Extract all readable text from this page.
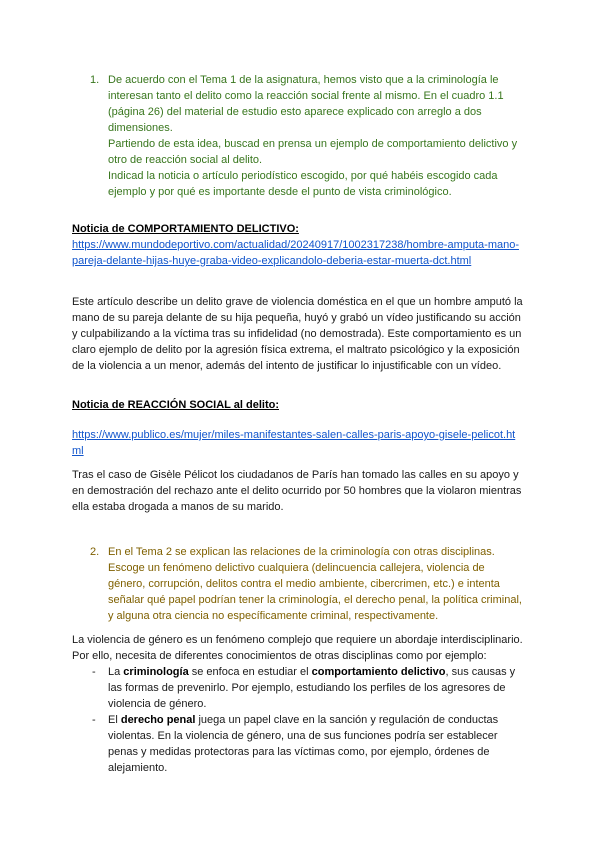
1. De acuerdo con el Tema 1 de la asignatura, hemos visto que a la criminología le

interesan tanto el delito como la reacción social frente al mismo. En el cuadro 1.1

(página 26) del material de estudio esto aparece explicado con arreglo a dos

dimensiones.

Partiendo de esta idea, buscad en prensa un ejemplo de comportamiento delictivo y

otro de reacción social al delito.

Indicad la noticia o artículo periodístico escogido, por qué habéis escogido cada

ejemplo y por qué es importante desde el punto de vista criminológico.

Noticia de COMPORTAMIENTO DELICTIVO:

https://www.mundodeportivo.com/actualidad/20240917/1002317238/hombre-amputa-mano-

pareja-delante-hijas-huye-graba-video-explicandolo-deberia-estar-muerta-dct.html

Este artículo describe un delito grave de violencia doméstica en el que un hombre amputó la

mano de su pareja delante de su hija pequeña, huyó y grabó un vídeo justificando su acción

y culpabilizando a la víctima tras su infidelidad (no demostrada). Este comportamiento es un

claro ejemplo de delito por la agresión física extrema, el maltrato psicológico y la exposición

de la violencia a un menor, además del intento de justificar lo injustificable con un vídeo.

Noticia de REACCIÓN SOCIAL al delito:

https://www.publico.es/mujer/miles-manifestantes-salen-calles-paris-apoyo-gisele-pelicot.ht

ml

Tras el caso de Gisèle Pélicot los ciudadanos de París han tomado las calles en su apoyo y

en demostración del rechazo ante el delito ocurrido por 50 hombres que la violaron mientras

ella estaba drogada a manos de su marido.

2. En el Tema 2 se explican las relaciones de la criminología con otras disciplinas.

Escoge un fenómeno delictivo cualquiera (delincuencia callejera, violencia de

género, corrupción, delitos contra el medio ambiente, cibercrimen, etc.) e intenta

señalar qué papel podrían tener la criminología, el derecho penal, la política criminal,

y alguna otra ciencia no específicamente criminal, respectivamente.

La violencia de género es un fenómeno complejo que requiere un abordaje interdisciplinario.

Por ello, necesita de diferentes conocimientos de otras disciplinas como por ejemplo:

- La criminología se enfoca en estudiar el comportamiento delictivo, sus causas y

las formas de prevenirlo. Por ejemplo, estudiando los perfiles de los agresores de

violencia de género.

- El derecho penal juega un papel clave en la sanción y regulación de conductas

violentas. En la violencia de género, una de sus funciones podría ser establecer

penas y medidas protectoras para las víctimas como, por ejemplo, órdenes de

alejamiento.
